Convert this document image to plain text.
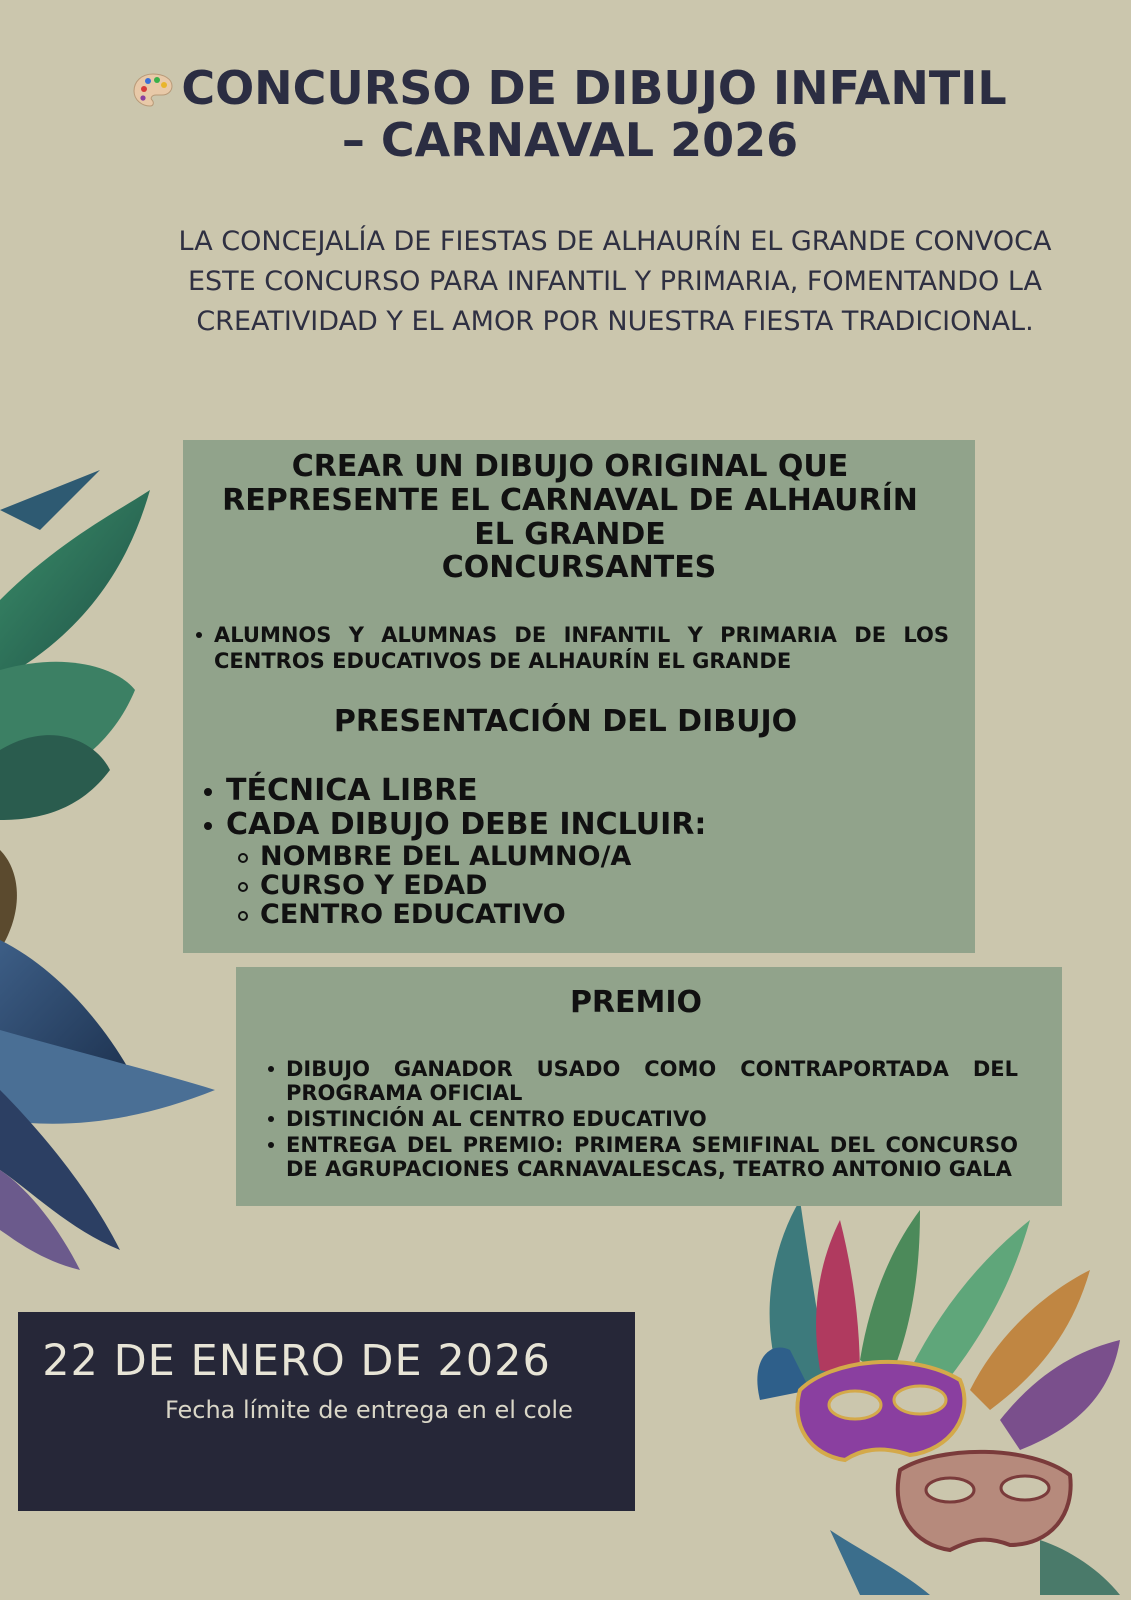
CONCURSO DE DIBUJO INFANTIL – CARNAVAL 2026

LA CONCEJALÍA DE FIESTAS DE ALHAURÍN EL GRANDE CONVOCA ESTE CONCURSO PARA INFANTIL Y PRIMARIA, FOMENTANDO LA CREATIVIDAD Y EL AMOR POR NUESTRA FIESTA TRADICIONAL.

CREAR UN DIBUJO ORIGINAL QUE REPRESENTE EL CARNAVAL DE ALHAURÍN EL GRANDE
CONCURSANTES
ALUMNOS Y ALUMNAS DE INFANTIL Y PRIMARIA DE LOS CENTROS EDUCATIVOS DE ALHAURÍN EL GRANDE
PRESENTACIÓN DEL DIBUJO
TÉCNICA LIBRE
CADA DIBUJO DEBE INCLUIR:
NOMBRE DEL ALUMNO/A
CURSO Y EDAD
CENTRO EDUCATIVO
PREMIO
DIBUJO GANADOR USADO COMO CONTRAPORTADA DEL PROGRAMA OFICIAL
DISTINCIÓN AL CENTRO EDUCATIVO
ENTREGA DEL PREMIO: PRIMERA SEMIFINAL DEL CONCURSO DE AGRUPACIONES CARNAVALESCAS, TEATRO ANTONIO GALA
22 DE ENERO DE 2026
Fecha límite de entrega en el cole
